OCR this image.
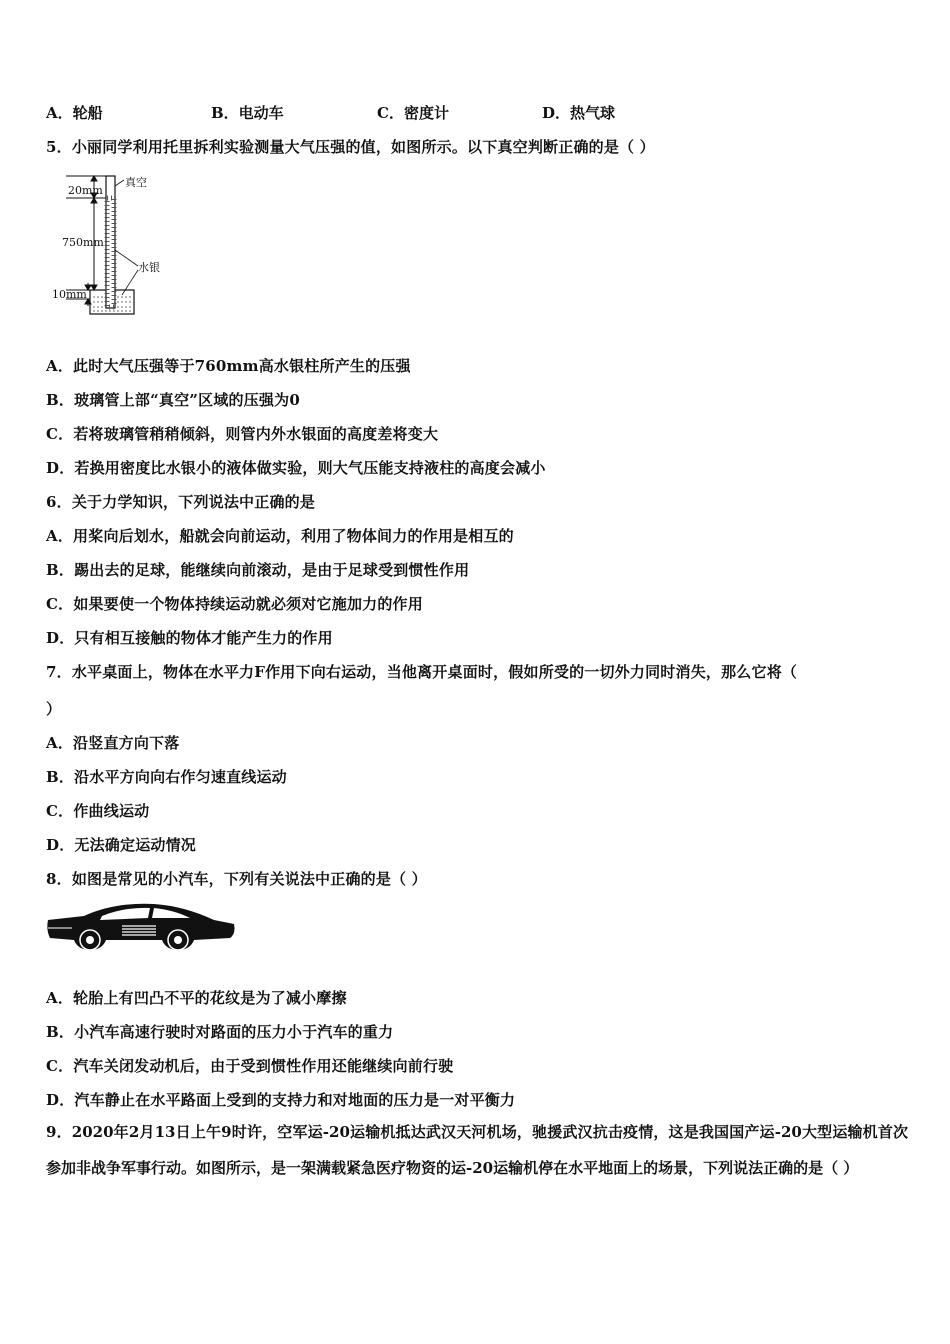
A．轮船	B．电动车	C．密度计	D．热气球
5．小丽同学利用托里拆利实验测量大气压强的值，如图所示。以下真空判断正确的是（ ）
20mm
真空
750mm
水银
10mm
A．此时大气压强等于760mm高水银柱所产生的压强
B．玻璃管上部“真空”区域的压强为0
C．若将玻璃管稍稍倾斜，则管内外水银面的高度差将变大
D．若换用密度比水银小的液体做实验，则大气压能支持液柱的高度会减小
6．关于力学知识，下列说法中正确的是
A．用桨向后划水，船就会向前运动，利用了物体间力的作用是相互的
B．踢出去的足球，能继续向前滚动，是由于足球受到惯性作用
C．如果要使一个物体持续运动就必须对它施加力的作用
D．只有相互接触的物体才能产生力的作用
7．水平桌面上，物体在水平力F作用下向右运动，当他离开桌面时，假如所受的一切外力同时消失，那么它将（
）
A．沿竖直方向下落
B．沿水平方向向右作匀速直线运动
C．作曲线运动
D．无法确定运动情况
8．如图是常见的小汽车，下列有关说法中正确的是（ ）
A．轮胎上有凹凸不平的花纹是为了减小摩擦
B．小汽车高速行驶时对路面的压力小于汽车的重力
C．汽车关闭发动机后，由于受到惯性作用还能继续向前行驶
D．汽车静止在水平路面上受到的支持力和对地面的压力是一对平衡力
9．2020年2月13日上午9时许，空军运-20运输机抵达武汉天河机场，驰援武汉抗击疫情，这是我国国产运-20大型运输机首次参加非战争军事行动。如图所示，是一架满载紧急医疗物资的运-20运输机停在水平地面上的场景，下列说法正确的是（ ）
